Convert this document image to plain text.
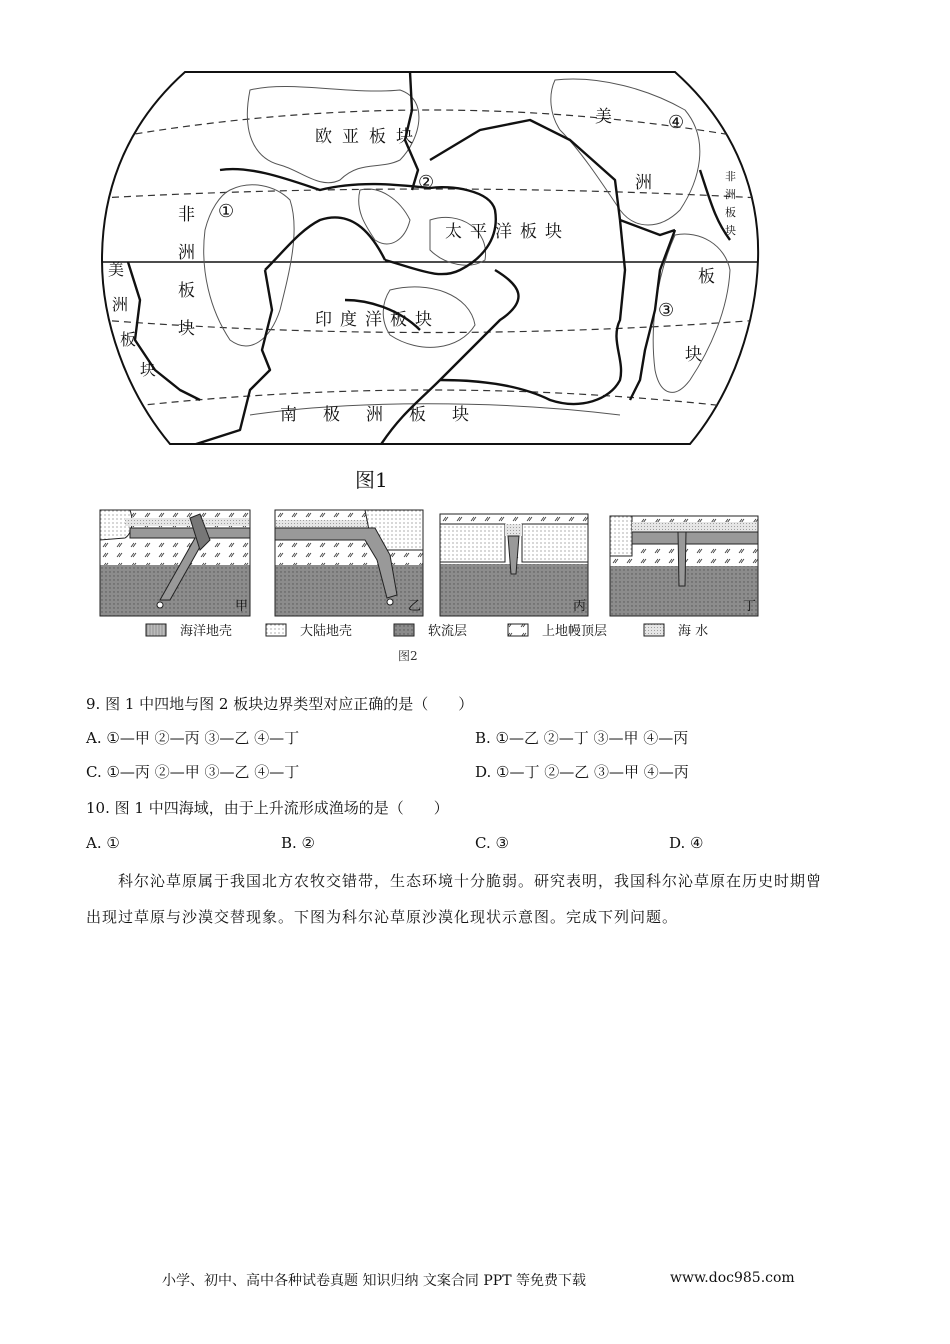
欧亚板块
太平洋板块
印度洋板块
南极洲板块
非
洲
板
块
美
洲
板
块
美
洲
板
块
非
洲
板
块
①
②
③
④
图1
甲	乙	丙	丁
海洋地壳	大陆地壳	软流层	上地幔顶层	海 水
图2
9. 图 1 中四地与图 2 板块边界类型对应正确的是（　　）
A. ①—甲 ②—丙 ③—乙 ④—丁	B. ①—乙 ②—丁 ③—甲 ④—丙
C. ①—丙 ②—甲 ③—乙 ④—丁	D. ①—丁 ②—乙 ③—甲 ④—丙
10. 图 1 中四海域，由于上升流形成渔场的是（　　）
A. ①	B. ②	C. ③	D. ④
科尔沁草原属于我国北方农牧交错带，生态环境十分脆弱。研究表明，我国科尔沁草原在历史时期曾
出现过草原与沙漠交替现象。下图为科尔沁草原沙漠化现状示意图。完成下列问题。
小学、初中、高中各种试卷真题 知识归纳 文案合同 PPT 等免费下载	www.doc985.com
